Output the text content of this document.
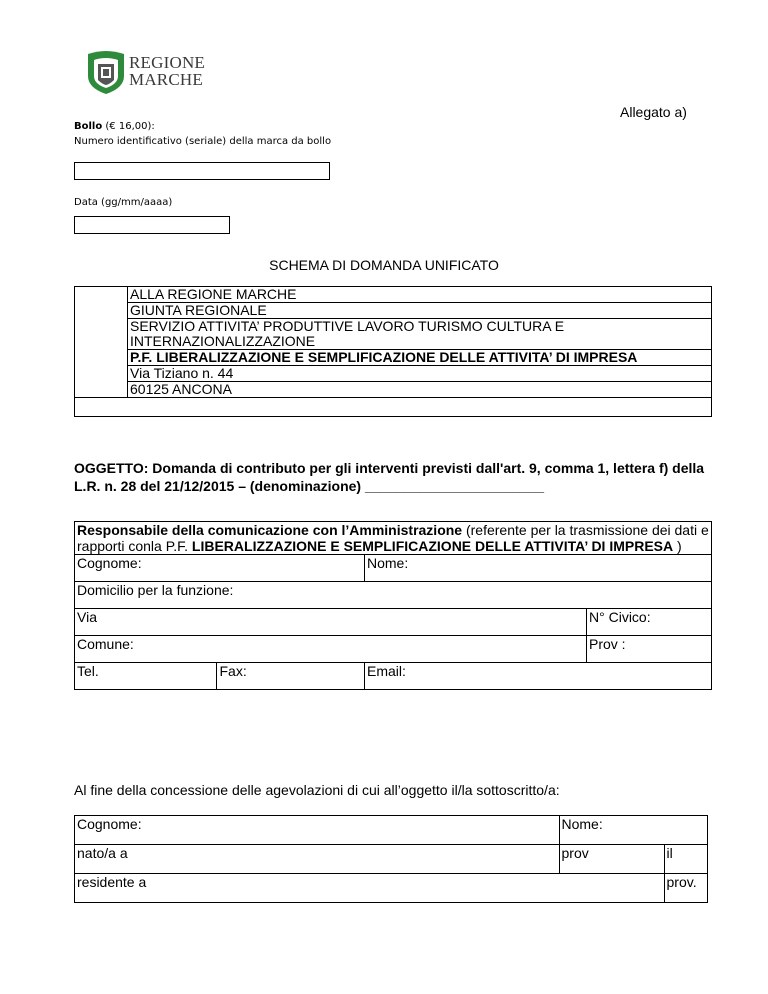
REGIONE
MARCHE
Allegato a)
Bollo (€ 16,00):
Numero identificativo (seriale) della marca da bollo
Data (gg/mm/aaaa)
SCHEMA DI DOMANDA UNIFICATO
	ALLA REGIONE MARCHE
GIUNTA REGIONALE
SERVIZIO ATTIVITA’ PRODUTTIVE LAVORO TURISMO CULTURA E INTERNAZIONALIZZAZIONE
P.F. LIBERALIZZAZIONE E SEMPLIFICAZIONE DELLE ATTIVITA’ DI IMPRESA
Via Tiziano n. 44
60125 ANCONA

OGGETTO: Domanda di contributo per gli interventi previsti dall'art. 9, comma 1, lettera f) della L.R. n. 28 del 21/12/2015 – (denominazione) _______________________
Responsabile della comunicazione con l’Amministrazione (referente per la trasmissione dei dati e rapporti conla P.F. LIBERALIZZAZIONE E SEMPLIFICAZIONE DELLE ATTIVITA’ DI IMPRESA )			
Cognome:		Nome:	
Domicilio per la funzione:			
Via			N° Civico:
Comune:			Prov :
Tel.	Fax:	Email:	
Al fine della concessione delle agevolazioni di cui all’oggetto il/la sottoscritto/a:
Cognome:	Nome:	
nato/a a	prov	il
residente a		prov.
